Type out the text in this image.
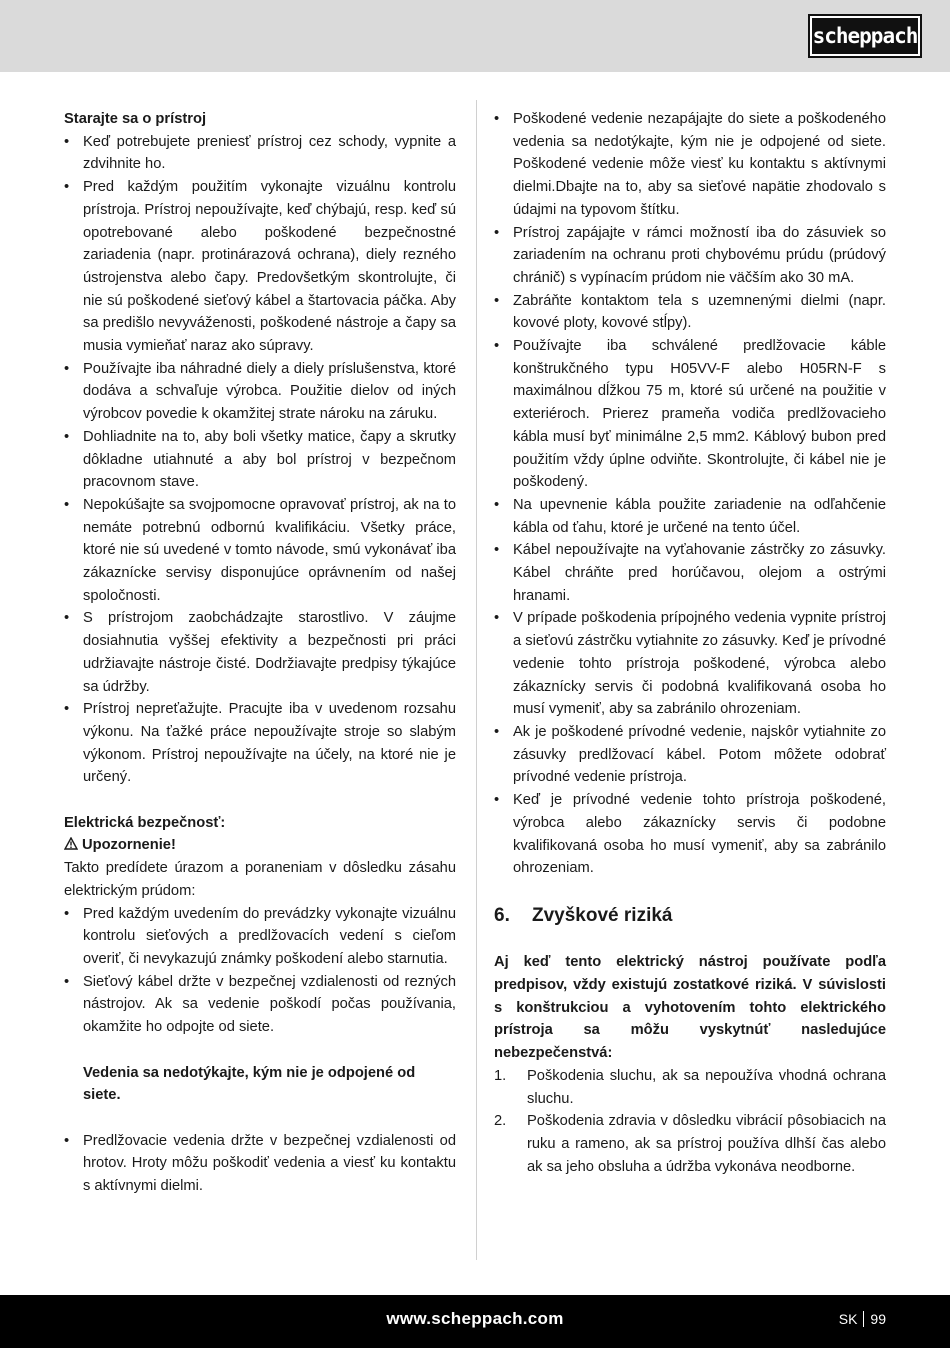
scheppach

Starajte sa o prístroj

• Keď potrebujete preniesť prístroj cez schody, vypnite a zdvihnite ho.
• Pred každým použitím vykonajte vizuálnu kontrolu prístroja. Prístroj nepoužívajte, keď chýbajú, resp. keď sú opotrebované alebo poškodené bezpečnostné zariadenia (napr. protinárazová ochrana), diely rezného ústrojenstva alebo čapy. Predovšetkým skontrolujte, či nie sú poškodené sieťový kábel a štartovacia páčka. Aby sa predišlo nevyváženosti, poškodené nástroje a čapy sa musia vymieňať naraz ako súpravy.
• Používajte iba náhradné diely a diely príslušenstva, ktoré dodáva a schvaľuje výrobca. Použitie dielov od iných výrobcov povedie k okamžitej strate nároku na záruku.
• Dohliadnite na to, aby boli všetky matice, čapy a skrutky dôkladne utiahnuté a aby bol prístroj v bezpečnom pracovnom stave.
• Nepokúšajte sa svojpomocne opravovať prístroj, ak na to nemáte potrebnú odbornú kvalifikáciu. Všetky práce, ktoré nie sú uvedené v tomto návode, smú vykonávať iba zákaznícke servisy disponujúce oprávnením od našej spoločnosti.
• S prístrojom zaobchádzajte starostlivo. V záujme dosiahnutia vyššej efektivity a bezpečnosti pri práci udržiavajte nástroje čisté. Dodržiavajte predpisy týkajúce sa údržby.
• Prístroj nepreťažujte. Pracujte iba v uvedenom rozsahu výkonu. Na ťažké práce nepoužívajte stroje so slabým výkonom. Prístroj nepoužívajte na účely, na ktoré nie je určený.

Elektrická bezpečnosť:

Upozornenie!

Takto predídete úrazom a poraneniam v dôsledku zásahu elektrickým prúdom:

• Pred každým uvedením do prevádzky vykonajte vizuálnu kontrolu sieťových a predlžovacích vedení s cieľom overiť, či nevykazujú známky poškodení alebo starnutia.
• Sieťový kábel držte v bezpečnej vzdialenosti od rezných nástrojov. Ak sa vedenie poškodí počas používania, okamžite ho odpojte od siete.

Vedenia sa nedotýkajte, kým nie je odpojené od siete.

• Predlžovacie vedenia držte v bezpečnej vzdialenosti od hrotov. Hroty môžu poškodiť vedenia a viesť ku kontaktu s aktívnymi dielmi.
• Poškodené vedenie nezapájajte do siete a poškodeného vedenia sa nedotýkajte, kým nie je odpojené od siete. Poškodené vedenie môže viesť ku kontaktu s aktívnymi dielmi.Dbajte na to, aby sa sieťové napätie zhodovalo s údajmi na typovom štítku.
• Prístroj zapájajte v rámci možností iba do zásuviek so zariadením na ochranu proti chybovému prúdu (prúdový chránič) s vypínacím prúdom nie väčším ako 30 mA.
• Zabráňte kontaktom tela s uzemnenými dielmi (napr. kovové ploty, kovové stĺpy).
• Používajte iba schválené predlžovacie káble konštrukčného typu H05VV-F alebo H05RN-F s maximálnou dĺžkou 75 m, ktoré sú určené na použitie v exteriéroch. Prierez prameňa vodiča predlžovacieho kábla musí byť minimálne 2,5 mm2. Káblový bubon pred použitím vždy úplne odviňte. Skontrolujte, či kábel nie je poškodený.
• Na upevnenie kábla použite zariadenie na odľahčenie kábla od ťahu, ktoré je určené na tento účel.
• Kábel nepoužívajte na vyťahovanie zástrčky zo zásuvky. Kábel chráňte pred horúčavou, olejom a ostrými hranami.
• V prípade poškodenia prípojného vedenia vypnite prístroj a sieťovú zástrčku vytiahnite zo zásuvky. Keď je prívodné vedenie tohto prístroja poškodené, výrobca alebo zákaznícky servis či podobná kvalifikovaná osoba ho musí vymeniť, aby sa zabránilo ohrozeniam.
• Ak je poškodené prívodné vedenie, najskôr vytiahnite zo zásuvky predlžovací kábel. Potom môžete odobrať prívodné vedenie prístroja.
• Keď je prívodné vedenie tohto prístroja poškodené, výrobca alebo zákaznícky servis či podobne kvalifikovaná osoba ho musí vymeniť, aby sa zabránilo ohrozeniam.
6. Zvyškové riziká

Aj keď tento elektrický nástroj používate podľa predpisov, vždy existujú zostatkové riziká. V súvislosti s konštrukciou a vyhotovením tohto elektrického prístroja sa môžu vyskytnúť nasledujúce nebezpečenstvá:

1. Poškodenia sluchu, ak sa nepoužíva vhodná ochrana sluchu.
2. Poškodenia zdravia v dôsledku vibrácií pôsobiacich na ruku a rameno, ak sa prístroj používa dlhší čas alebo ak sa jeho obsluha a údržba vykonáva neodborne.
www.scheppach.com	SK 99
